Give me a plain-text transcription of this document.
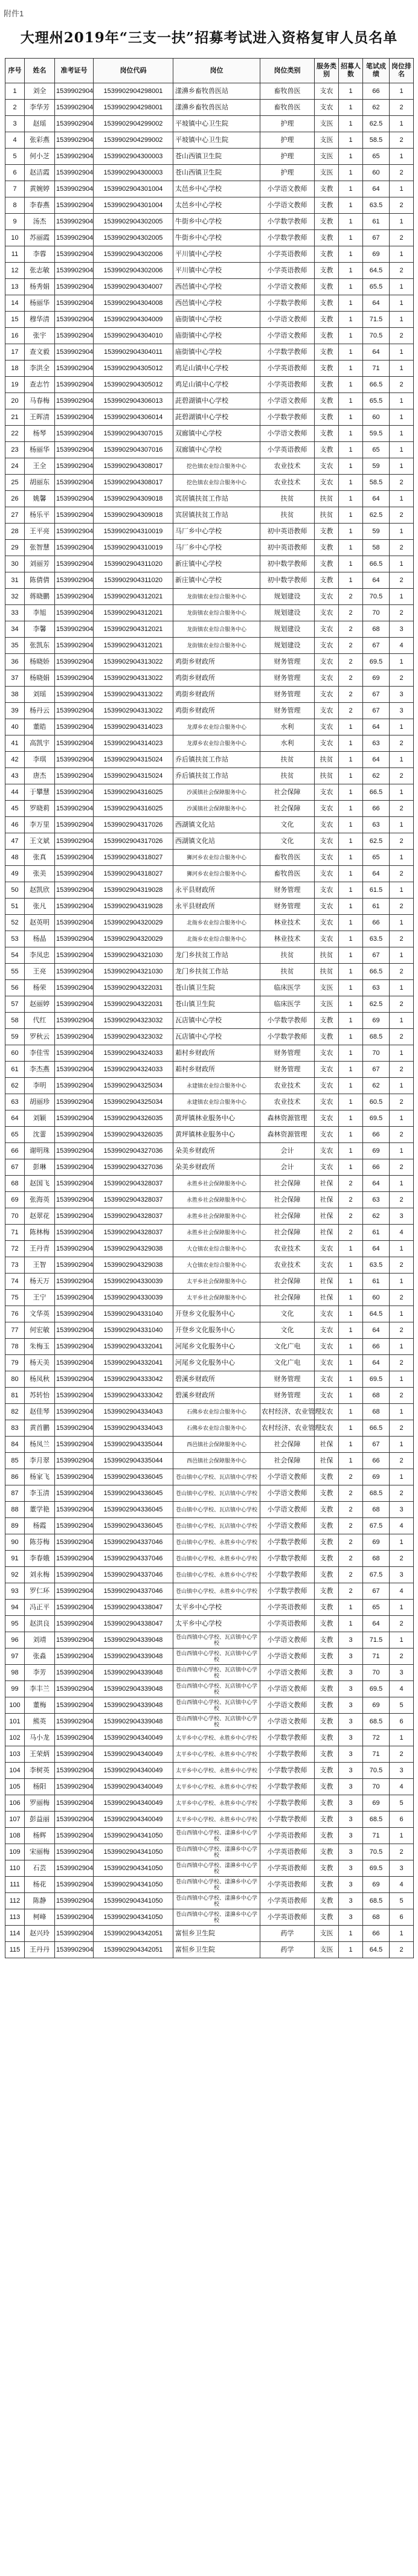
附件1
大理州2019年“三支一扶”招募考试进入资格复审人员名单
序号	姓名	准考证号	岗位代码	岗位	岗位类别	服务类别	招募人数	笔试成绩	岗位排名
1	刘全	1539902904	1539902904298001	漾濞乡畜牧兽医站	畜牧兽医	支农	1	66	1
2	李华芳	1539902904	1539902904298001	漾濞乡畜牧兽医站	畜牧兽医	支农	1	62	2
3	赵瑶	1539902904	1539902904299002	平坡镇中心卫生院	护理	支医	1	62.5	1
4	张彩燕	1539902904	1539902904299002	平坡镇中心卫生院	护理	支医	1	58.5	2
5	何小芝	1539902904	1539902904300003	苍山西镇卫生院	护理	支医	1	65	1
6	赵洁霞	1539902904	1539902904300003	苍山西镇卫生院	护理	支医	1	60	2
7	黄婉婷	1539902904	1539902904301004	太邑乡中心学校	小学语文教师	支教	1	64	1
8	李春燕	1539902904	1539902904301004	太邑乡中心学校	小学语文教师	支教	1	63.5	2
9	汤杰	1539902904	1539902904302005	牛街乡中心学校	小学数学教师	支教	1	61	1
10	苏丽霞	1539902904	1539902904302005	牛街乡中心学校	小学数学教师	支教	1	67	2
11	李蓉	1539902904	1539902904302006	平川镇中心学校	小学英语教师	支教	1	69	1
12	张志敏	1539902904	1539902904302006	平川镇中心学校	小学英语教师	支教	1	64.5	2
13	杨秀娟	1539902904	1539902904304007	西邑镇中心学校	小学语文教师	支教	1	65.5	1
14	杨丽华	1539902904	1539902904304008	西邑镇中心学校	小学数学教师	支教	1	64	1
15	穆华清	1539902904	1539902904304009	庙街镇中心学校	小学语文教师	支教	1	71.5	1
16	张宇	1539902904	1539902904304010	庙街镇中心学校	小学语文教师	支教	1	70.5	2
17	查文毅	1539902904	1539902904304011	庙街镇中心学校	小学数学教师	支教	1	64	1
18	李洪全	1539902904	1539902904305012	鸡足山镇中心学校	小学英语教师	支教	1	71	1
19	查志竹	1539902904	1539902904305012	鸡足山镇中心学校	小学英语教师	支教	1	66.5	2
20	马春梅	1539902904	1539902904306013	茈碧湖镇中心学校	小学语文教师	支教	1	65.5	1
21	王晖清	1539902904	1539902904306014	茈碧湖镇中心学校	小学数学教师	支教	1	60	1
22	杨琴	1539902904	1539902904307015	双廊镇中心学校	小学语文教师	支教	1	59.5	1
23	杨丽华	1539902904	1539902904307016	双廊镇中心学校	小学英语教师	支教	1	65	1
24	王全	1539902904	1539902904308017	挖色镇农业综合服务中心	农业技术	支农	1	59	1
25	胡丽东	1539902904	1539902904308017	挖色镇农业综合服务中心	农业技术	支农	1	58.5	2
26	姚馨	1539902904	1539902904309018	宾居镇扶贫工作站	扶贫	扶贫	1	64	1
27	杨乐平	1539902904	1539902904309018	宾居镇扶贫工作站	扶贫	扶贫	1	62.5	2
28	王平亮	1539902904	1539902904310019	马厂乡中心学校	初中英语教师	支教	1	59	1
29	张智慧	1539902904	1539902904310019	马厂乡中心学校	初中英语教师	支教	1	58	2
30	刘丽芳	1539902904	1539902904311020	新庄镇中心学校	初中数学教师	支教	1	66.5	1
31	陈倩倩	1539902904	1539902904311020	新庄镇中心学校	初中数学教师	支教	1	64	2
32	蒋晓鹏	1539902904	1539902904312021	龙街镇农业综合服务中心	规划建设	支农	2	70.5	1
33	李旭	1539902904	1539902904312021	龙街镇农业综合服务中心	规划建设	支农	2	70	2
34	李馨	1539902904	1539902904312021	龙街镇农业综合服务中心	规划建设	支农	2	68	3
35	张凯东	1539902904	1539902904312021	龙街镇农业综合服务中心	规划建设	支农	2	67	4
36	杨晓娇	1539902904	1539902904313022	鸡街乡财政所	财务管理	支农	2	69.5	1
37	杨晓娟	1539902904	1539902904313022	鸡街乡财政所	财务管理	支农	2	69	2
38	刘瑶	1539902904	1539902904313022	鸡街乡财政所	财务管理	支农	2	67	3
39	杨丹云	1539902904	1539902904313022	鸡街乡财政所	财务管理	支农	2	67	3
40	董皓	1539902904	1539902904314023	龙潭乡农业综合服务中心	水利	支农	1	64	1
41	高凯宇	1539902904	1539902904314023	龙潭乡农业综合服务中心	水利	支农	1	63	2
42	李琪	1539902904	1539902904315024	乔后镇扶贫工作站	扶贫	扶贫	1	64	1
43	唐杰	1539902904	1539902904315024	乔后镇扶贫工作站	扶贫	扶贫	1	62	2
44	于攀慧	1539902904	1539902904316025	沙溪镇社会保障服务中心	社会保障	支农	1	66.5	1
45	罗晓莉	1539902904	1539902904316025	沙溪镇社会保障服务中心	社会保障	支农	1	66	2
46	李万里	1539902904	1539902904317026	西湖镇文化站	文化	支农	1	63	1
47	王文斌	1539902904	1539902904317026	西湖镇文化站	文化	支农	1	62.5	2
48	张真	1539902904	1539902904318027	狮河乡农业综合服务中心	畜牧兽医	支农	1	65	1
49	张美	1539902904	1539902904318027	狮河乡农业综合服务中心	畜牧兽医	支农	1	64	2
50	赵凯欣	1539902904	1539902904319028	永平县财政所	财务管理	支农	1	61.5	1
51	张凡	1539902904	1539902904319028	永平县财政所	财务管理	支农	1	61	2
52	赵英明	1539902904	1539902904320029	北衙乡农业综合服务中心	林业技术	支农	1	66	1
53	杨晶	1539902904	1539902904320029	北衙乡农业综合服务中心	林业技术	支农	1	63.5	2
54	李凤忠	1539902904	1539902904321030	龙门乡扶贫工作站	扶贫	扶贫	1	67	1
55	王亮	1539902904	1539902904321030	龙门乡扶贫工作站	扶贫	扶贫	1	66.5	2
56	杨荣	1539902904	1539902904322031	苍山镇卫生院	临床医学	支医	1	63	1
57	赵丽婷	1539902904	1539902904322031	苍山镇卫生院	临床医学	支医	1	62.5	2
58	代红	1539902904	1539902904323032	瓦店镇中心学校	小学数学教师	支教	1	69	1
59	罗秋云	1539902904	1539902904323032	瓦店镇中心学校	小学数学教师	支教	1	68.5	2
60	李佳雪	1539902904	1539902904324033	萂村乡财政所	财务管理	支农	1	70	1
61	李杰燕	1539902904	1539902904324033	萂村乡财政所	财务管理	支农	1	67	2
62	李明	1539902904	1539902904325034	永建镇农业综合服务中心	农业技术	支农	1	62	1
63	胡丽珍	1539902904	1539902904325034	永建镇农业综合服务中心	农业技术	支农	1	60.5	2
64	刘颖	1539902904	1539902904326035	黄坪镇林业服务中心	森林资源管理	支农	1	69.5	1
65	沈蕾	1539902904	1539902904326035	黄坪镇林业服务中心	森林资源管理	支农	1	66	2
66	谢明珠	1539902904	1539902904327036	朵美乡财政所	会计	支农	1	69	1
67	彭琳	1539902904	1539902904327036	朵美乡财政所	会计	支农	1	66	2
68	赵国飞	1539902904	1539902904328037	永胜乡社会保障服务中心	社会保障	社保	2	64	1
69	张海英	1539902904	1539902904328037	永胜乡社会保障服务中心	社会保障	社保	2	63	2
70	赵翠花	1539902904	1539902904328037	永胜乡社会保障服务中心	社会保障	社保	2	62	3
71	陈林梅	1539902904	1539902904328037	永胜乡社会保障服务中心	社会保障	社保	2	61	4
72	王丹青	1539902904	1539902904329038	大仓镇农业综合服务中心	农业技术	支农	1	64	1
73	王智	1539902904	1539902904329038	大仓镇农业综合服务中心	农业技术	支农	1	63.5	2
74	杨天万	1539902904	1539902904330039	太平乡社会保障服务中心	社会保障	社保	1	61	1
75	王宁	1539902904	1539902904330039	太平乡社会保障服务中心	社会保障	社保	1	60	2
76	文华英	1539902904	1539902904331040	开登乡文化服务中心	文化	支农	1	64.5	1
77	何宏敏	1539902904	1539902904331040	开登乡文化服务中心	文化	支农	1	64	2
78	朱梅玉	1539902904	1539902904332041	河尾乡文化服务中心	文化广电	支农	1	66	1
79	杨天美	1539902904	1539902904332041	河尾乡文化服务中心	文化广电	支农	1	64	2
80	杨凤秋	1539902904	1539902904333042	碧溪乡财政所	财务管理	支农	1	69.5	1
81	苏转怡	1539902904	1539902904333042	碧溪乡财政所	财务管理	支农	1	68	2
82	赵佳琴	1539902904	1539902904334043	石佛乡农业综合服务中心	农村经济、农业管理	支农	1	68	1
83	黄首鹏	1539902904	1539902904334043	石佛乡农业综合服务中心	农村经济、农业管理	支农	1	66.5	2
84	杨凤兰	1539902904	1539902904335044	西邑镇社会保障服务中心	社会保障	社保	1	67	1
85	李月翠	1539902904	1539902904335044	西邑镇社会保障服务中心	社会保障	社保	1	66	2
86	杨家飞	1539902904	1539902904336045	苍山镇中心学校、瓦店镇中心学校	小学语文教师	支教	2	69	1
87	李玉清	1539902904	1539902904336045	苍山镇中心学校、瓦店镇中心学校	小学语文教师	支教	2	68.5	2
88	董学艳	1539902904	1539902904336045	苍山镇中心学校、瓦店镇中心学校	小学语文教师	支教	2	68	3
89	杨霞	1539902904	1539902904336045	苍山镇中心学校、瓦店镇中心学校	小学语文教师	支教	2	67.5	4
90	陈芬梅	1539902904	1539902904337046	苍山镇中心学校、永胜乡中心学校	小学数学教师	支教	2	69	1
91	李春娥	1539902904	1539902904337046	苍山镇中心学校、永胜乡中心学校	小学数学教师	支教	2	68	2
92	刘永梅	1539902904	1539902904337046	苍山镇中心学校、永胜乡中心学校	小学数学教师	支教	2	67.5	3
93	罗仁环	1539902904	1539902904337046	苍山镇中心学校、永胜乡中心学校	小学数学教师	支教	2	67	4
94	冯正平	1539902904	1539902904338047	太平乡中心学校	小学英语教师	支教	1	65	1
95	赵洪良	1539902904	1539902904338047	太平乡中心学校	小学英语教师	支教	1	64	2
96	刘靖	1539902904	1539902904339048	苍山西镇中心学校、瓦店镇中心学校	小学语文教师	支教	3	71.5	1
97	张淼	1539902904	1539902904339048	苍山西镇中心学校、瓦店镇中心学校	小学语文教师	支教	3	71	2
98	李芳	1539902904	1539902904339048	苍山西镇中心学校、瓦店镇中心学校	小学语文教师	支教	3	70	3
99	李丰兰	1539902904	1539902904339048	苍山西镇中心学校、瓦店镇中心学校	小学语文教师	支教	3	69.5	4
100	董梅	1539902904	1539902904339048	苍山西镇中心学校、瓦店镇中心学校	小学语文教师	支教	3	69	5
101	熊英	1539902904	1539902904339048	苍山西镇中心学校、瓦店镇中心学校	小学语文教师	支教	3	68.5	6
102	马小龙	1539902904	1539902904340049	太平乡中心学校、永胜乡中心学校	小学数学教师	支教	3	72	1
103	王荣炳	1539902904	1539902904340049	太平乡中心学校、永胜乡中心学校	小学数学教师	支教	3	71	2
104	李树英	1539902904	1539902904340049	太平乡中心学校、永胜乡中心学校	小学数学教师	支教	3	70.5	3
105	杨阳	1539902904	1539902904340049	太平乡中心学校、永胜乡中心学校	小学数学教师	支教	3	70	4
106	罗丽梅	1539902904	1539902904340049	太平乡中心学校、永胜乡中心学校	小学数学教师	支教	3	69	5
107	彭益丽	1539902904	1539902904340049	太平乡中心学校、永胜乡中心学校	小学数学教师	支教	3	68.5	6
108	杨辉	1539902904	1539902904341050	苍山西镇中心学校、漾濞乡中心学校	小学英语教师	支教	3	71	1
109	宋丽梅	1539902904	1539902904341050	苍山西镇中心学校、漾濞乡中心学校	小学英语教师	支教	3	70.5	2
110	石芸	1539902904	1539902904341050	苍山西镇中心学校、漾濞乡中心学校	小学英语教师	支教	3	69.5	3
111	杨花	1539902904	1539902904341050	苍山西镇中心学校、漾濞乡中心学校	小学英语教师	支教	3	69	4
112	陈静	1539902904	1539902904341050	苍山西镇中心学校、漾濞乡中心学校	小学英语教师	支教	3	68.5	5
113	柯峰	1539902904	1539902904341050	苍山西镇中心学校、漾濞乡中心学校	小学英语教师	支教	3	68	6
114	赵兴玲	1539902904	1539902904342051	富恒乡卫生院	药学	支医	1	66	1
115	王丹丹	1539902904	1539902904342051	富恒乡卫生院	药学	支医	1	64.5	2
